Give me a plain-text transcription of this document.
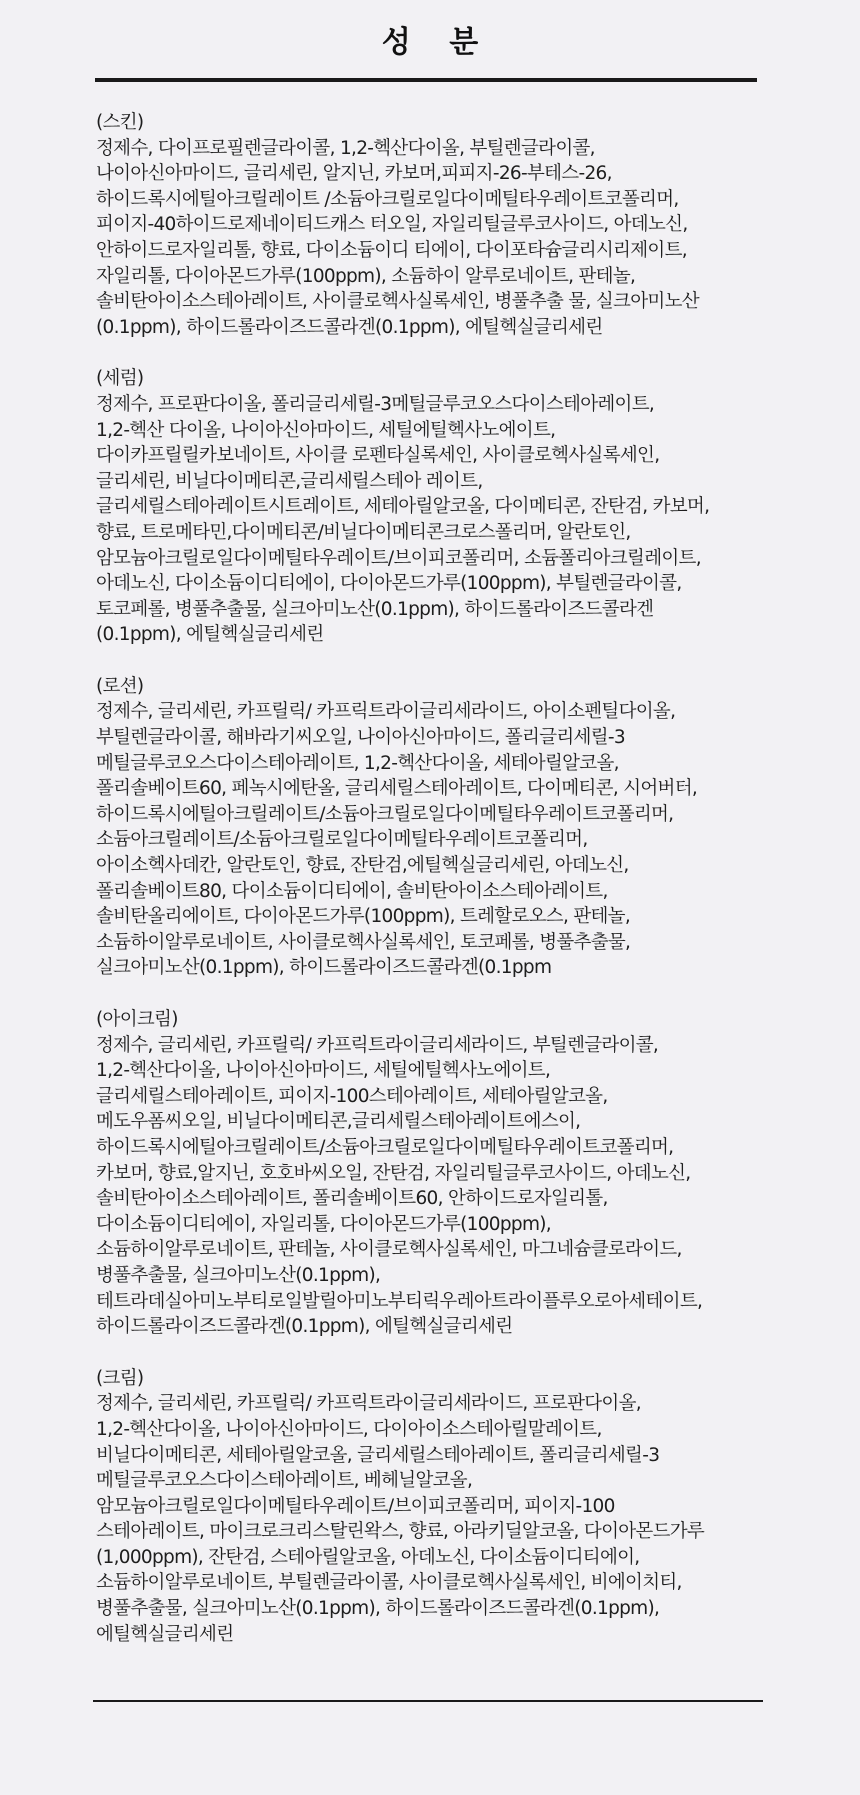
성 분
(스킨)
정제수, 다이프로필렌글라이콜, 1,2-헥산다이올, 부틸렌글라이콜,
나이아신아마이드, 글리세린, 알지닌, 카보머,피피지-26-부테스-26,
하이드록시에틸아크릴레이트 /소듐아크릴로일다이메틸타우레이트코폴리머,
피이지-40하이드로제네이티드캐스 터오일, 자일리틸글루코사이드, 아데노신,
안하이드로자일리톨, 향료, 다이소듐이디 티에이, 다이포타슘글리시리제이트,
자일리톨, 다이아몬드가루(100ppm), 소듐하이 알루로네이트, 판테놀,
솔비탄아이소스테아레이트, 사이클로헥사실록세인, 병풀추출 물, 실크아미노산
(0.1ppm), 하이드롤라이즈드콜라겐(0.1ppm), 에틸헥실글리세린
(세럼)
정제수, 프로판다이올, 폴리글리세릴-3메틸글루코오스다이스테아레이트,
1,2-헥산 다이올, 나이아신아마이드, 세틸에틸헥사노에이트,
다이카프릴릴카보네이트, 사이클 로펜타실록세인, 사이클로헥사실록세인,
글리세린, 비닐다이메티콘,글리세릴스테아 레이트,
글리세릴스테아레이트시트레이트, 세테아릴알코올, 다이메티콘, 잔탄검, 카보머,
향료, 트로메타민,다이메티콘/비닐다이메티콘크로스폴리머, 알란토인,
암모늄아크릴로일다이메틸타우레이트/브이피코폴리머, 소듐폴리아크릴레이트,
아데노신, 다이소듐이디티에이, 다이아몬드가루(100ppm), 부틸렌글라이콜,
토코페롤, 병풀추출물, 실크아미노산(0.1ppm), 하이드롤라이즈드콜라겐
(0.1ppm), 에틸헥실글리세린
(로션)
정제수, 글리세린, 카프릴릭/ 카프릭트라이글리세라이드, 아이소펜틸다이올,
부틸렌글라이콜, 해바라기씨오일, 나이아신아마이드, 폴리글리세릴-3
메틸글루코오스다이스테아레이트, 1,2-헥산다이올, 세테아릴알코올,
폴리솔베이트60, 페녹시에탄올, 글리세릴스테아레이트, 다이메티콘, 시어버터,
하이드록시에틸아크릴레이트/소듐아크릴로일다이메틸타우레이트코폴리머,
소듐아크릴레이트/소듐아크릴로일다이메틸타우레이트코폴리머,
아이소헥사데칸, 알란토인, 향료, 잔탄검,에틸헥실글리세린, 아데노신,
폴리솔베이트80, 다이소듐이디티에이, 솔비탄아이소스테아레이트,
솔비탄올리에이트, 다이아몬드가루(100ppm), 트레할로오스, 판테놀,
소듐하이알루로네이트, 사이클로헥사실록세인, 토코페롤, 병풀추출물,
실크아미노산(0.1ppm), 하이드롤라이즈드콜라겐(0.1ppm
(아이크림)
정제수, 글리세린, 카프릴릭/ 카프릭트라이글리세라이드, 부틸렌글라이콜,
1,2-헥산다이올, 나이아신아마이드, 세틸에틸헥사노에이트,
글리세릴스테아레이트, 피이지-100스테아레이트, 세테아릴알코올,
메도우폼씨오일, 비닐다이메티콘,글리세릴스테아레이트에스이,
하이드록시에틸아크릴레이트/소듐아크릴로일다이메틸타우레이트코폴리머,
카보머, 향료,알지닌, 호호바씨오일, 잔탄검, 자일리틸글루코사이드, 아데노신,
솔비탄아이소스테아레이트, 폴리솔베이트60, 안하이드로자일리톨,
다이소듐이디티에이, 자일리톨, 다이아몬드가루(100ppm),
소듐하이알루로네이트, 판테놀, 사이클로헥사실록세인, 마그네슘클로라이드,
병풀추출물, 실크아미노산(0.1ppm),
테트라데실아미노부티로일발릴아미노부티릭우레아트라이플루오로아세테이트,
하이드롤라이즈드콜라겐(0.1ppm), 에틸헥실글리세린
(크림)
정제수, 글리세린, 카프릴릭/ 카프릭트라이글리세라이드, 프로판다이올,
1,2-헥산다이올, 나이아신아마이드, 다이아이소스테아릴말레이트,
비닐다이메티콘, 세테아릴알코올, 글리세릴스테아레이트, 폴리글리세릴-3
메틸글루코오스다이스테아레이트, 베헤닐알코올,
암모늄아크릴로일다이메틸타우레이트/브이피코폴리머, 피이지-100
스테아레이트, 마이크로크리스탈린왁스, 향료, 아라키딜알코올, 다이아몬드가루
(1,000ppm), 잔탄검, 스테아릴알코올, 아데노신, 다이소듐이디티에이,
소듐하이알루로네이트, 부틸렌글라이콜, 사이클로헥사실록세인, 비에이치티,
병풀추출물, 실크아미노산(0.1ppm), 하이드롤라이즈드콜라겐(0.1ppm),
에틸헥실글리세린
